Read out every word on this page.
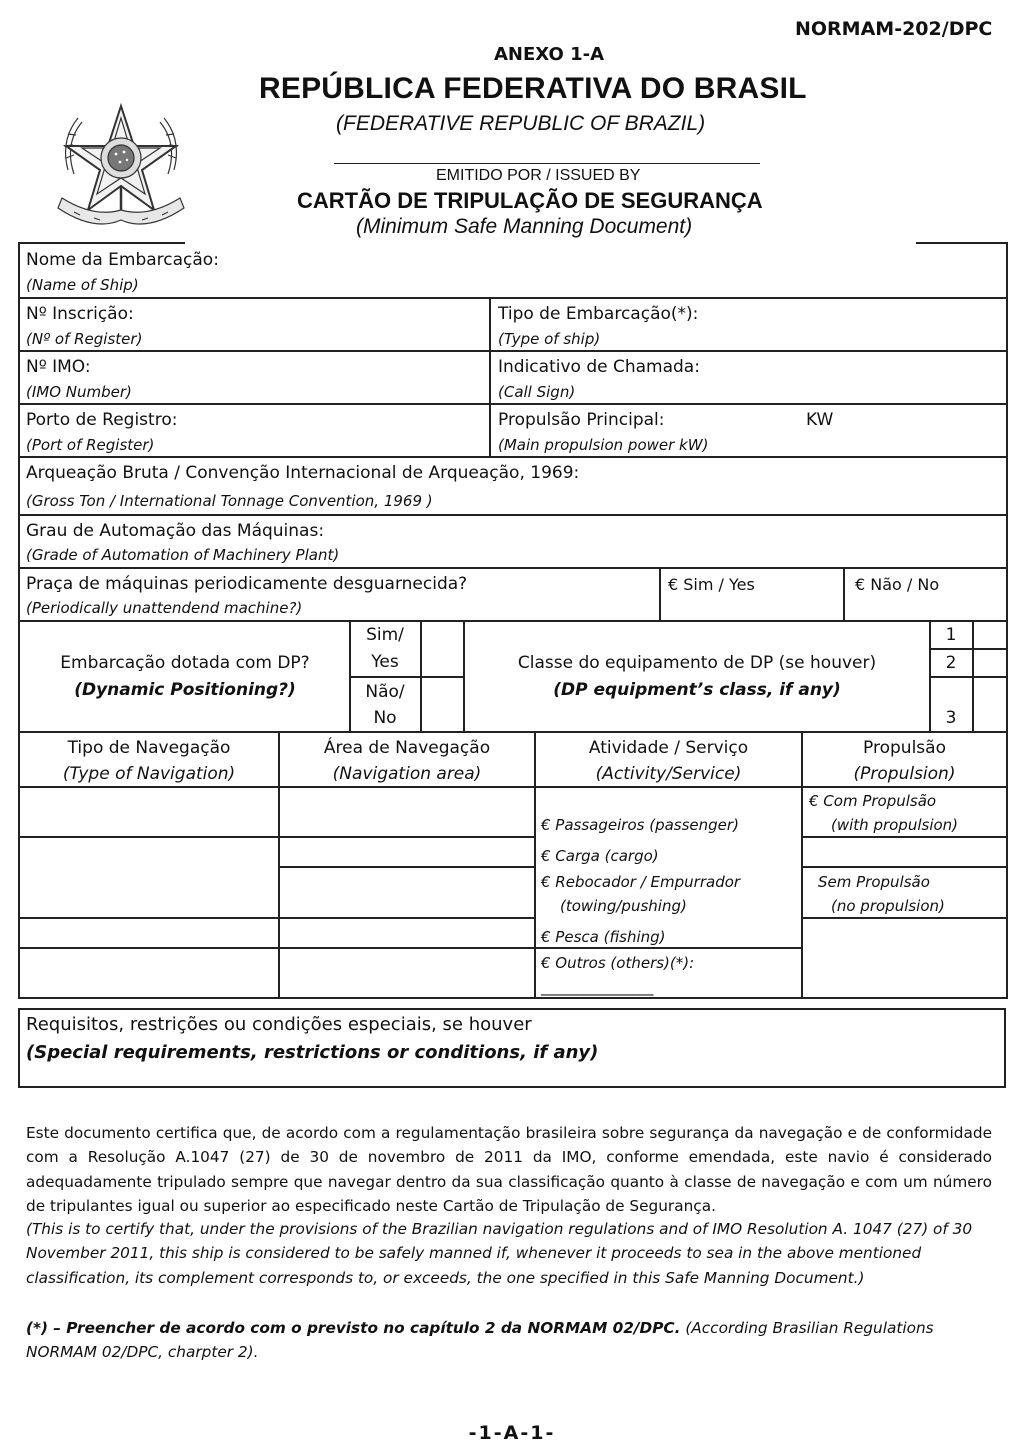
NORMAM-202/DPC
ANEXO 1-A
REPÚBLICA FEDERATIVA DO BRASIL
(FEDERATIVE REPUBLIC OF BRAZIL)
EMITIDO POR / ISSUED BY
CARTÃO DE TRIPULAÇÃO DE SEGURANÇA
(Minimum Safe Manning Document)
Nome da Embarcação:
(Name of Ship)
Nº Inscrição:
(Nº of Register)
Tipo de Embarcação(*):
(Type of ship)
Nº IMO:
(IMO Number)
Indicativo de Chamada:
(Call Sign)
Porto de Registro:
(Port of Register)
Propulsão Principal:	KW
(Main propulsion power kW)
Arqueação Bruta / Convenção Internacional de Arqueação, 1969:
(Gross Ton / International Tonnage Convention, 1969 )
Grau de Automação das Máquinas:
(Grade of Automation of Machinery Plant)
Praça de máquinas periodicamente desguarnecida?
(Periodically unattendend machine?)
€ Sim / Yes	€ Não / No
Embarcação dotada com DP?
(Dynamic Positioning?)
Sim/
Yes
Não/
No
Classe do equipamento de DP (se houver)
(DP equipment’s class, if any)
1
2
3
Tipo de Navegação
(Type of Navigation)
Área de Navegação
(Navigation area)
Atividade / Serviço
(Activity/Service)
Propulsão
(Propulsion)
€ Passageiros (passenger)
€ Carga (cargo)
€ Rebocador / Empurrador
(towing/pushing)
€ Pesca (fishing)
€ Outros (others)(*):
________________
€ Com Propulsão
(with propulsion)
Sem Propulsão
(no propulsion)
Requisitos, restrições ou condições especiais, se houver
(Special requirements, restrictions or conditions, if any)
Este documento certifica que, de acordo com a regulamentação brasileira sobre segurança da navegação e de conformidade com a Resolução A.1047 (27) de 30 de novembro de 2011 da IMO, conforme emendada, este navio é considerado adequadamente tripulado sempre que navegar dentro da sua classificação quanto à classe de navegação e com um número de tripulantes igual ou superior ao especificado neste Cartão de Tripulação de Segurança.
(This is to certify that, under the provisions of the Brazilian navigation regulations and of IMO Resolution A. 1047 (27) of 30 November 2011, this ship is considered to be safely manned if, whenever it proceeds to sea in the above mentioned classification, its complement corresponds to, or exceeds, the one specified in this Safe Manning Document.)
(*) – Preencher de acordo com o previsto no capítulo 2 da NORMAM 02/DPC. (According Brasilian Regulations NORMAM 02/DPC, charpter 2).
-1-A-1-
